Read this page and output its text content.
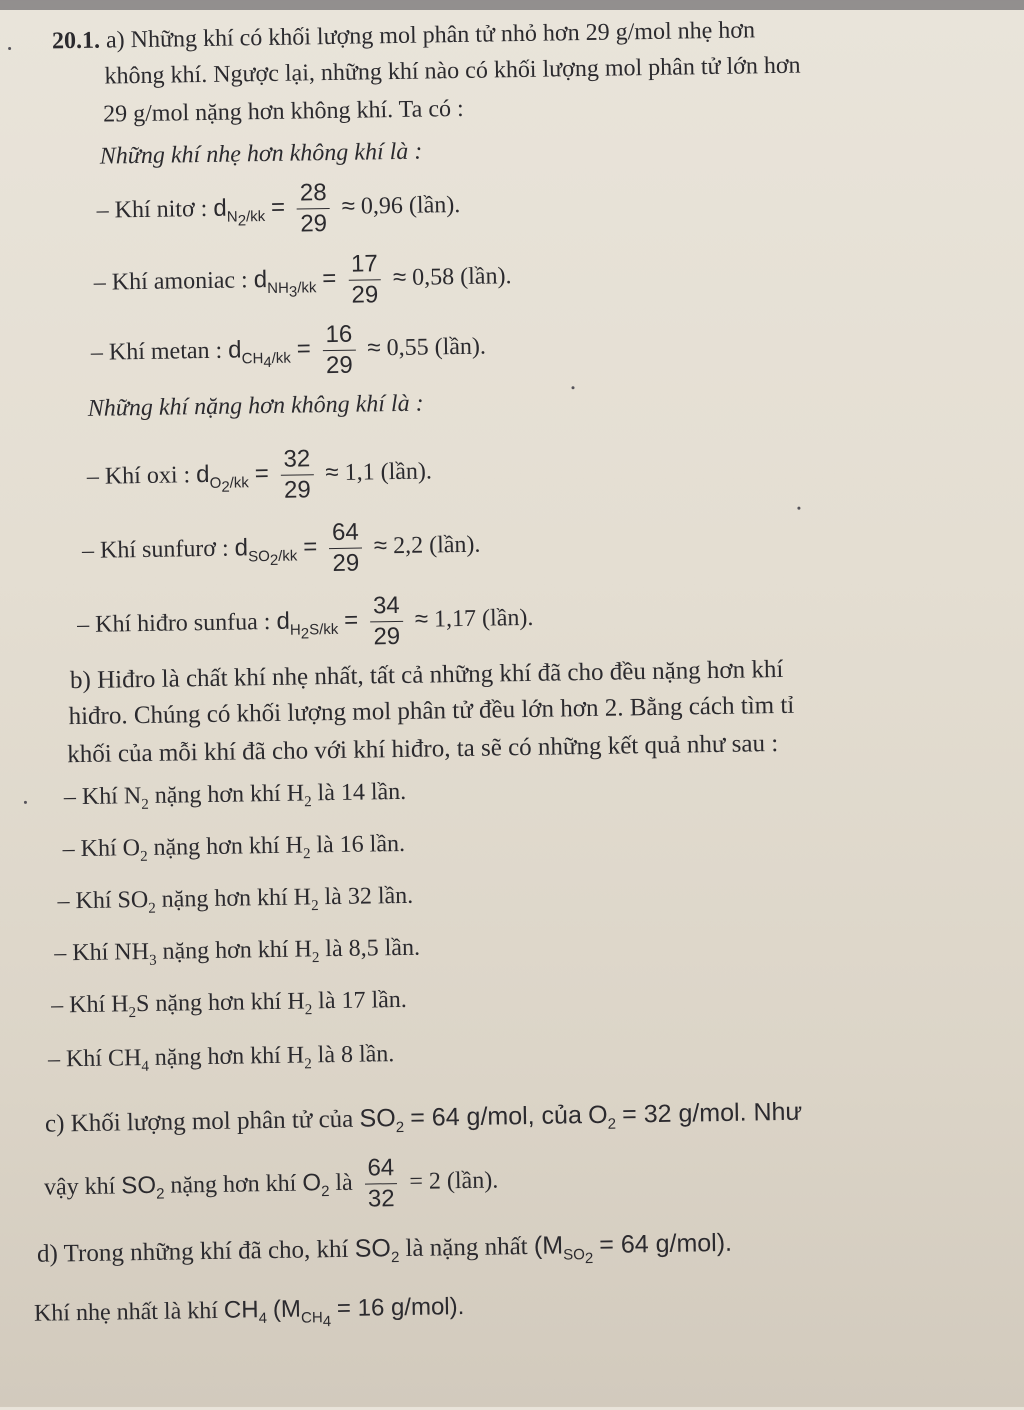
20.1. a) Những khí có khối lượng mol phân tử nhỏ hơn 29 g/mol nhẹ hơn
không khí. Ngược lại, những khí nào có khối lượng mol phân tử lớn hơn
29 g/mol nặng hơn không khí. Ta có :
Những khí nhẹ hơn không khí là :
– Khí nitơ : $d_{N_2/kk} = \frac{28}{29} \approx 0,96$ (lần).
– Khí amoniac : $d_{NH_3/kk} = \frac{17}{29} \approx 0,58$ (lần).
– Khí metan : $d_{CH_4/kk} = \frac{16}{29} \approx 0,55$ (lần).
Những khí nặng hơn không khí là :
– Khí oxi : $d_{O_2/kk} = \frac{32}{29} \approx 1,1$ (lần).
– Khí sunfurơ : $d_{SO_2/kk} = \frac{64}{29} \approx 2,2$ (lần).
– Khí hiđro sunfua : $d_{H_2S/kk} = \frac{34}{29} \approx 1,17$ (lần).
b) Hiđro là chất khí nhẹ nhất, tất cả những khí đã cho đều nặng hơn khí
hiđro. Chúng có khối lượng mol phân tử đều lớn hơn 2. Bằng cách tìm tỉ
khối của mỗi khí đã cho với khí hiđro, ta sẽ có những kết quả như sau :
– Khí $N_2$ nặng hơn khí $H_2$ là 14 lần.
– Khí $O_2$ nặng hơn khí $H_2$ là 16 lần.
– Khí $SO_2$ nặng hơn khí $H_2$ là 32 lần.
– Khí $NH_3$ nặng hơn khí $H_2$ là 8,5 lần.
– Khí $H_2S$ nặng hơn khí $H_2$ là 17 lần.
– Khí $CH_4$ nặng hơn khí $H_2$ là 8 lần.
c) Khối lượng mol phân tử của $SO_2 = 64$ g/mol, của $O_2 = 32$ g/mol. Như
vậy khí $SO_2$ nặng hơn khí $O_2$ là $\frac{64}{32} = 2$ (lần).
d) Trong những khí đã cho, khí $SO_2$ là nặng nhất ($M_{SO_2} = 64$ g/mol).
Khí nhẹ nhất là khí $CH_4$ ($M_{CH_4} = 16$ g/mol).
